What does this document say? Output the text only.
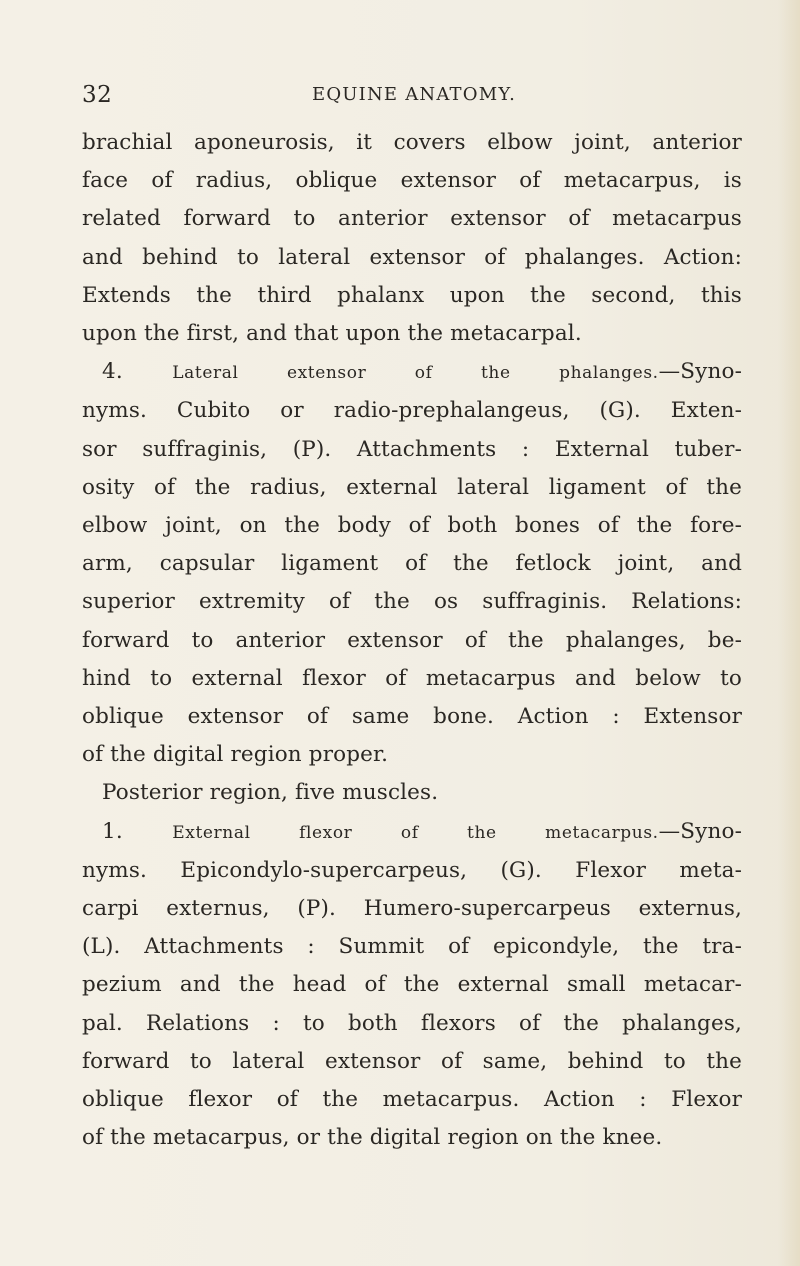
32	EQUINE ANATOMY.
brachial aponeurosis, it covers elbow joint, anterior
face of radius, oblique extensor of metacarpus, is
related forward to anterior extensor of metacarpus
and behind to lateral extensor of phalanges. Action:
Extends the third phalanx upon the second, this
upon the first, and that upon the metacarpal.
4. Lateral extensor of the phalanges.—Syno-
nyms. Cubito or radio-prephalangeus, (G). Exten-
sor suffraginis, (P). Attachments : External tuber-
osity of the radius, external lateral ligament of the
elbow joint, on the body of both bones of the fore-
arm, capsular ligament of the fetlock joint, and
superior extremity of the os suffraginis. Relations:
forward to anterior extensor of the phalanges, be-
hind to external flexor of metacarpus and below to
oblique extensor of same bone. Action : Extensor
of the digital region proper.
Posterior region, five muscles.
1. External flexor of the metacarpus.—Syno-
nyms. Epicondylo-supercarpeus, (G). Flexor meta-
carpi externus, (P). Humero-supercarpeus externus,
(L). Attachments : Summit of epicondyle, the tra-
pezium and the head of the external small metacar-
pal. Relations : to both flexors of the phalanges,
forward to lateral extensor of same, behind to the
oblique flexor of the metacarpus. Action : Flexor
of the metacarpus, or the digital region on the knee.
